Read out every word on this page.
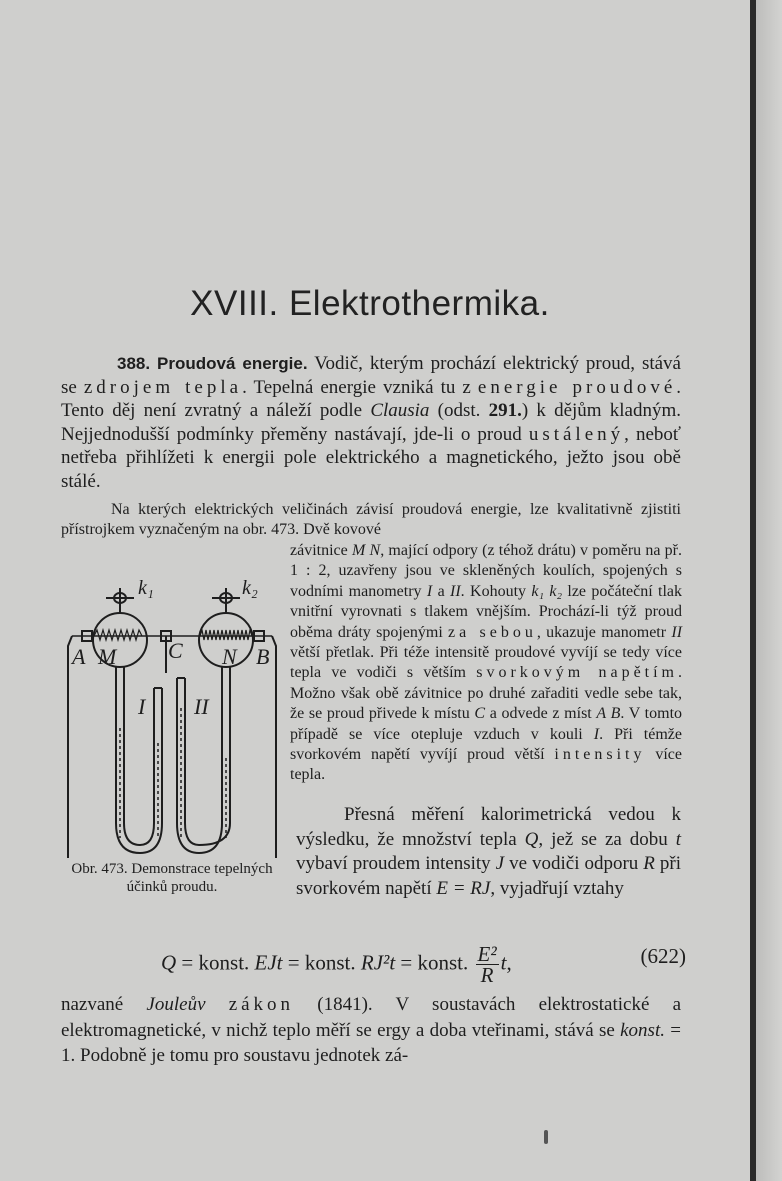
XVIII. Elektrothermika.

388. Proudová energie. Vodič, kterým prochází elektrický proud, stává se zdrojem tepla. Tepelná energie vzniká tu z energie proudové. Tento děj není zvratný a náleží podle Clausia (odst. 291.) k dějům kladným. Nejjednodušší podmínky přeměny nastávají, jde-li o proud ustálený, neboť netřeba přihlížeti k energii pole elektrického a magnetického, ježto jsou obě stálé.

Na kterých elektrických veličinách závisí proudová energie, lze kvalitativně zjistiti přístrojkem vyznačeným na obr. 473. Dvě kovové

závitnice M N, mající odpory (z téhož drátu) v poměru na př. 1 : 2, uzavřeny jsou ve skleněných koulích, spojených s vodními manometry I a II. Kohouty k₁ k₂ lze počáteční tlak vnitřní vyrovnati s tlakem vnějším. Prochází-li týž proud oběma dráty spojenými za sebou, ukazuje manometr II větší přetlak. Při téže intensitě proudové vyvíjí se tedy více tepla ve vodiči s větším svorkovým napětím. Možno však obě závitnice po druhé zařaditi vedle sebe tak, že se proud přivede k místu C a odvede z míst A B. V tomto případě se více otepluje vzduch v kouli I. Při témže svorkovém napětí vyvíjí proud větší intensity více tepla.

k₁	k₂
A M C N B
I II
Obr. 473. Demonstrace tepelných účinků proudu.

Přesná měření kalorimetrická vedou k výsledku, že množství tepla Q, jež se za dobu t vybaví proudem intensity J ve vodiči odporu R při svorkovém napětí E = RJ, vyjadřují vztahy

Q = konst. EJt = konst. RJ²t = konst. $\frac{\text{E²}}{R} t$,	(622)

nazvané Jouleův zákon (1841). V soustavách elektrostatické a elektromagnetické, v nichž teplo měří se ergy a doba vteřinami, stává se konst. = 1. Podobně je tomu pro soustavu jednotek zá-
